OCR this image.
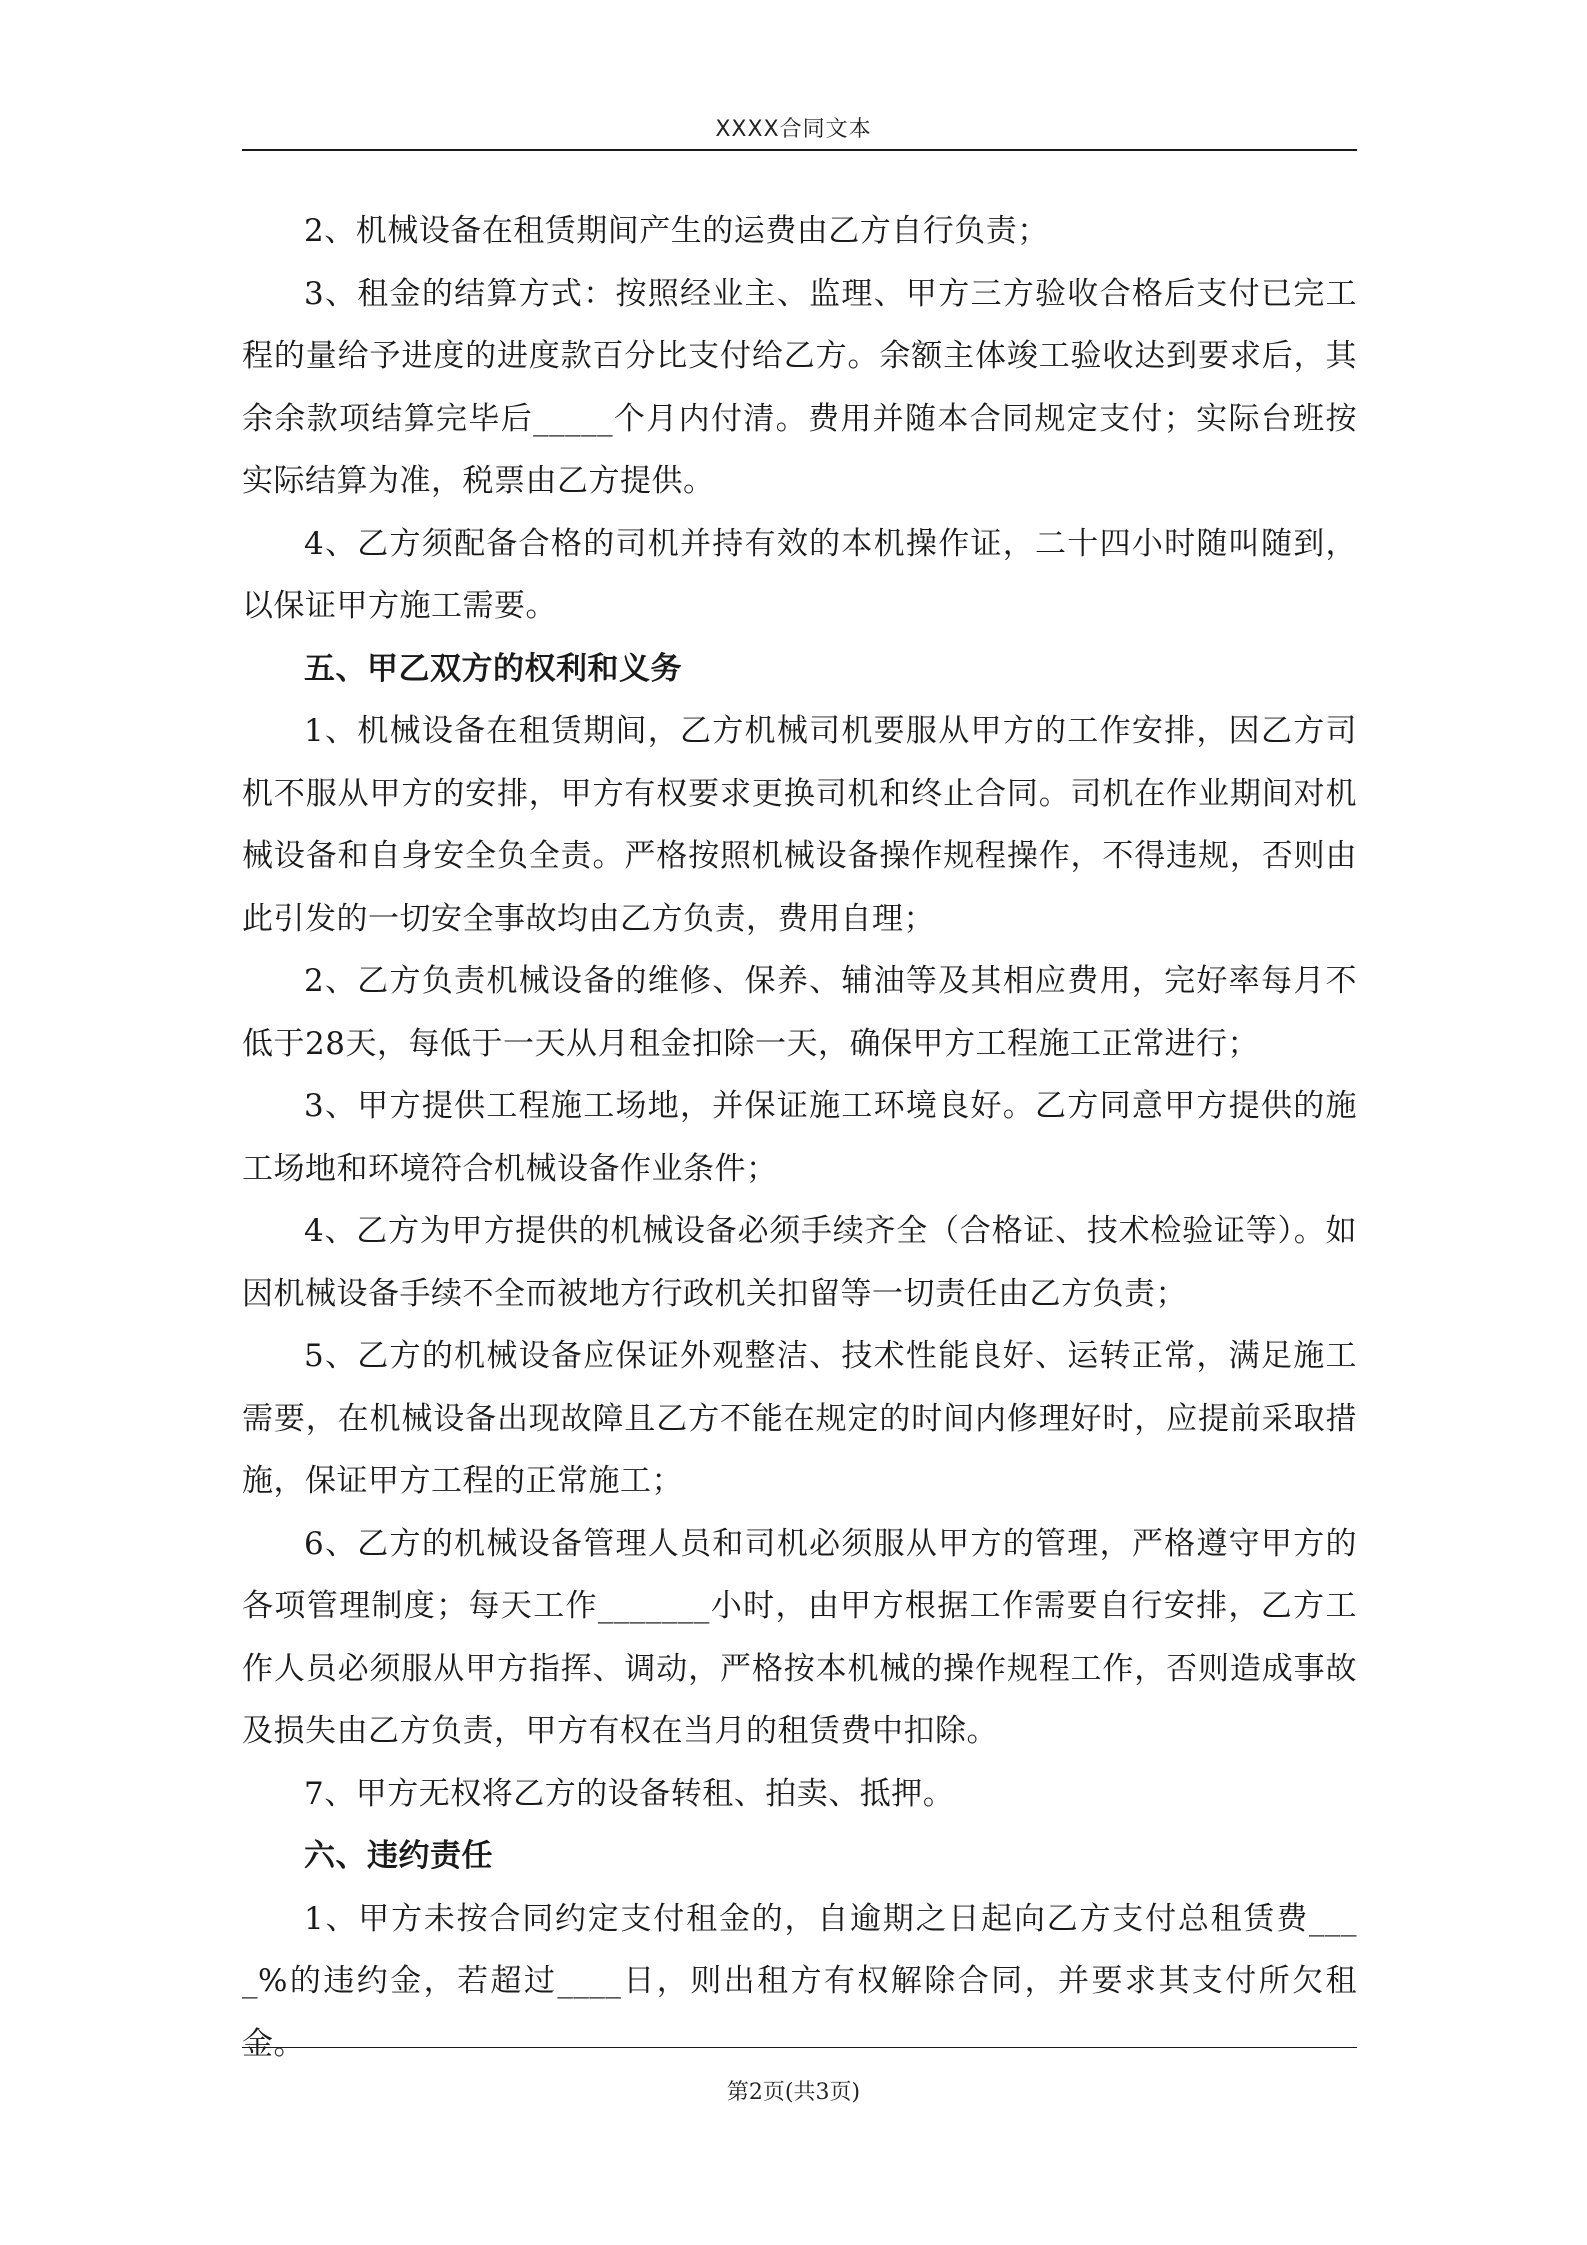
XXXX合同文本

2、机械设备在租赁期间产生的运费由乙方自行负责；

3、租金的结算方式：按照经业主、监理、甲方三方验收合格后支付已完工程的量给予进度的进度款百分比支付给乙方。余额主体竣工验收达到要求后，其余余款项结算完毕后_____个月内付清。费用并随本合同规定支付；实际台班按实际结算为准，税票由乙方提供。

4、乙方须配备合格的司机并持有效的本机操作证，二十四小时随叫随到，以保证甲方施工需要。

五、甲乙双方的权利和义务

1、机械设备在租赁期间，乙方机械司机要服从甲方的工作安排，因乙方司机不服从甲方的安排，甲方有权要求更换司机和终止合同。司机在作业期间对机械设备和自身安全负全责。严格按照机械设备操作规程操作，不得违规，否则由此引发的一切安全事故均由乙方负责，费用自理；

2、乙方负责机械设备的维修、保养、辅油等及其相应费用，完好率每月不低于28天，每低于一天从月租金扣除一天，确保甲方工程施工正常进行；

3、甲方提供工程施工场地，并保证施工环境良好。乙方同意甲方提供的施工场地和环境符合机械设备作业条件；

4、乙方为甲方提供的机械设备必须手续齐全（合格证、技术检验证等）。如因机械设备手续不全而被地方行政机关扣留等一切责任由乙方负责；

5、乙方的机械设备应保证外观整洁、技术性能良好、运转正常，满足施工需要，在机械设备出现故障且乙方不能在规定的时间内修理好时，应提前采取措施，保证甲方工程的正常施工；

6、乙方的机械设备管理人员和司机必须服从甲方的管理，严格遵守甲方的各项管理制度；每天工作_______小时，由甲方根据工作需要自行安排，乙方工作人员必须服从甲方指挥、调动，严格按本机械的操作规程工作，否则造成事故及损失由乙方负责，甲方有权在当月的租赁费中扣除。

7、甲方无权将乙方的设备转租、拍卖、抵押。

六、违约责任

1、甲方未按合同约定支付租金的，自逾期之日起向乙方支付总租赁费____%的违约金，若超过____日，则出租方有权解除合同，并要求其支付所欠租金。

第2页(共3页)
